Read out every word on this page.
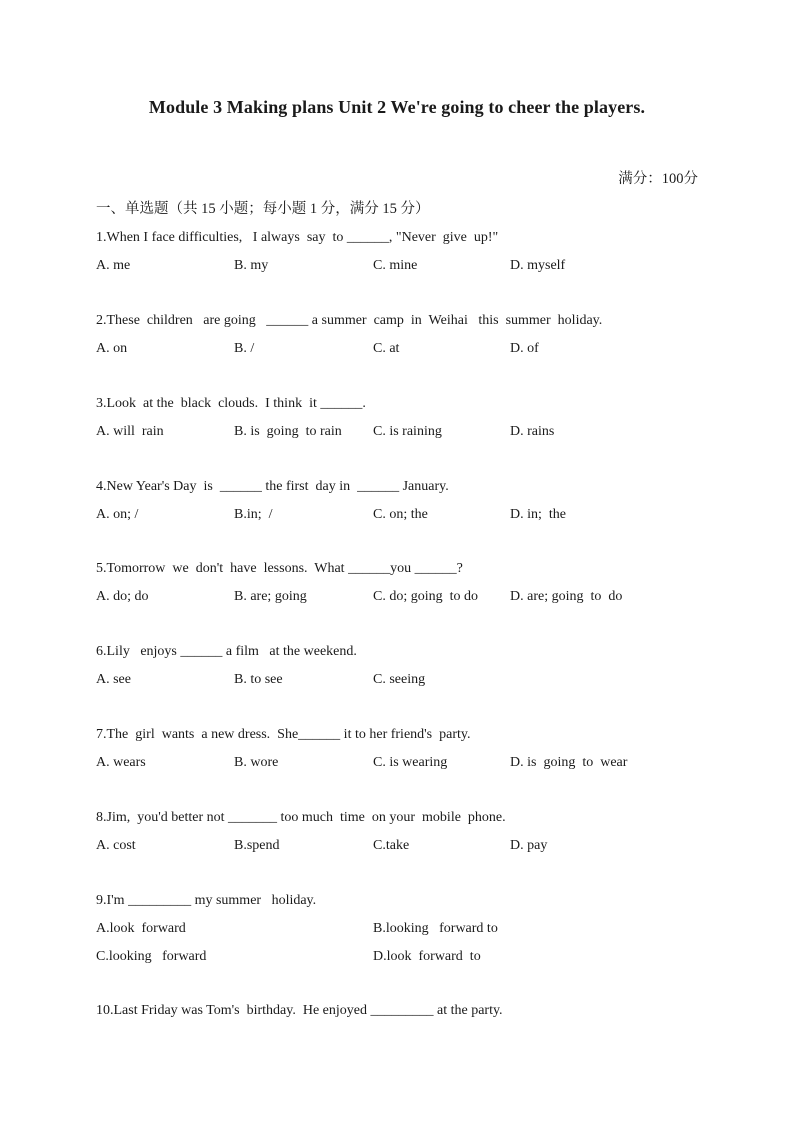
Module 3 Making plans Unit 2 We're going to cheer the players.
满分：100分
一、单选题（共 15 小题；每小题 1 分，满分 15 分）
1.When I face difficulties,   I always  say  to ______, "Never  give  up!"
A. me	B. my	C. mine	D. myself
2.These  children   are going   ______ a summer  camp  in  Weihai   this  summer  holiday.
A. on	B. /	C. at	D. of
3.Look  at the  black  clouds.  I think  it ______.
A. will  rain	B. is  going  to rain C. is raining	D. rains
4.New Year's Day  is  ______ the first  day in  ______ January.
A. on; /	B.in;  /	C. on; the	D. in;  the
5.Tomorrow  we  don't  have  lessons.  What ______you ______?
A. do; do	B. are; going	C. do; going  to do D. are; going  to  do
6.Lily   enjoys ______ a film   at the weekend.
A. see	B. to see	C. seeing
7.The  girl  wants  a new dress.  She______ it to her friend's  party.
A. wears	B. wore	C. is wearing	D. is  going  to  wear
8.Jim,  you'd better not _______ too much  time  on your  mobile  phone.
A. cost	B.spend	C.take	D. pay
9.I'm _________ my summer   holiday.
A.look  forward	B.looking   forward to
C.looking   forward	D.look  forward  to
10.Last Friday was Tom's  birthday.  He enjoyed _________ at the party.
